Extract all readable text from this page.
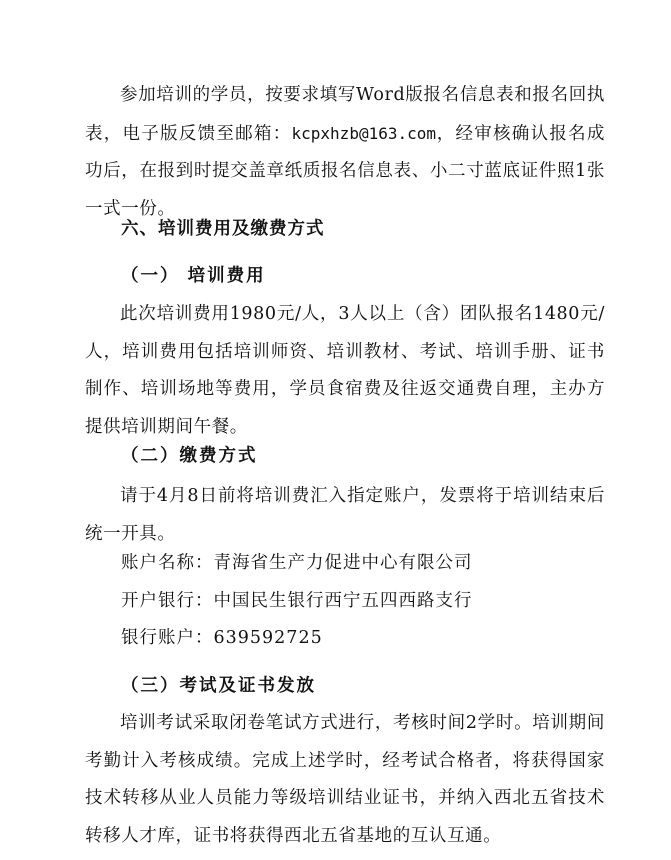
参加培训的学员，按要求填写Word版报名信息表和报名回执表，电子版反馈至邮箱：kcpxhzb@163.com，经审核确认报名成功后，在报到时提交盖章纸质报名信息表、小二寸蓝底证件照1张一式一份。

六、培训费用及缴费方式

（一） 培训费用

此次培训费用1980元/人，3人以上（含）团队报名1480元/人，培训费用包括培训师资、培训教材、考试、培训手册、证书制作、培训场地等费用，学员食宿费及往返交通费自理，主办方提供培训期间午餐。

（二）缴费方式

请于4月8日前将培训费汇入指定账户，发票将于培训结束后统一开具。

账户名称：青海省生产力促进中心有限公司

开户银行：中国民生银行西宁五四西路支行

银行账户：639592725

（三）考试及证书发放

培训考试采取闭卷笔试方式进行，考核时间2学时。培训期间考勤计入考核成绩。完成上述学时，经考试合格者，将获得国家技术转移从业人员能力等级培训结业证书，并纳入西北五省技术转移人才库，证书将获得西北五省基地的互认互通。
